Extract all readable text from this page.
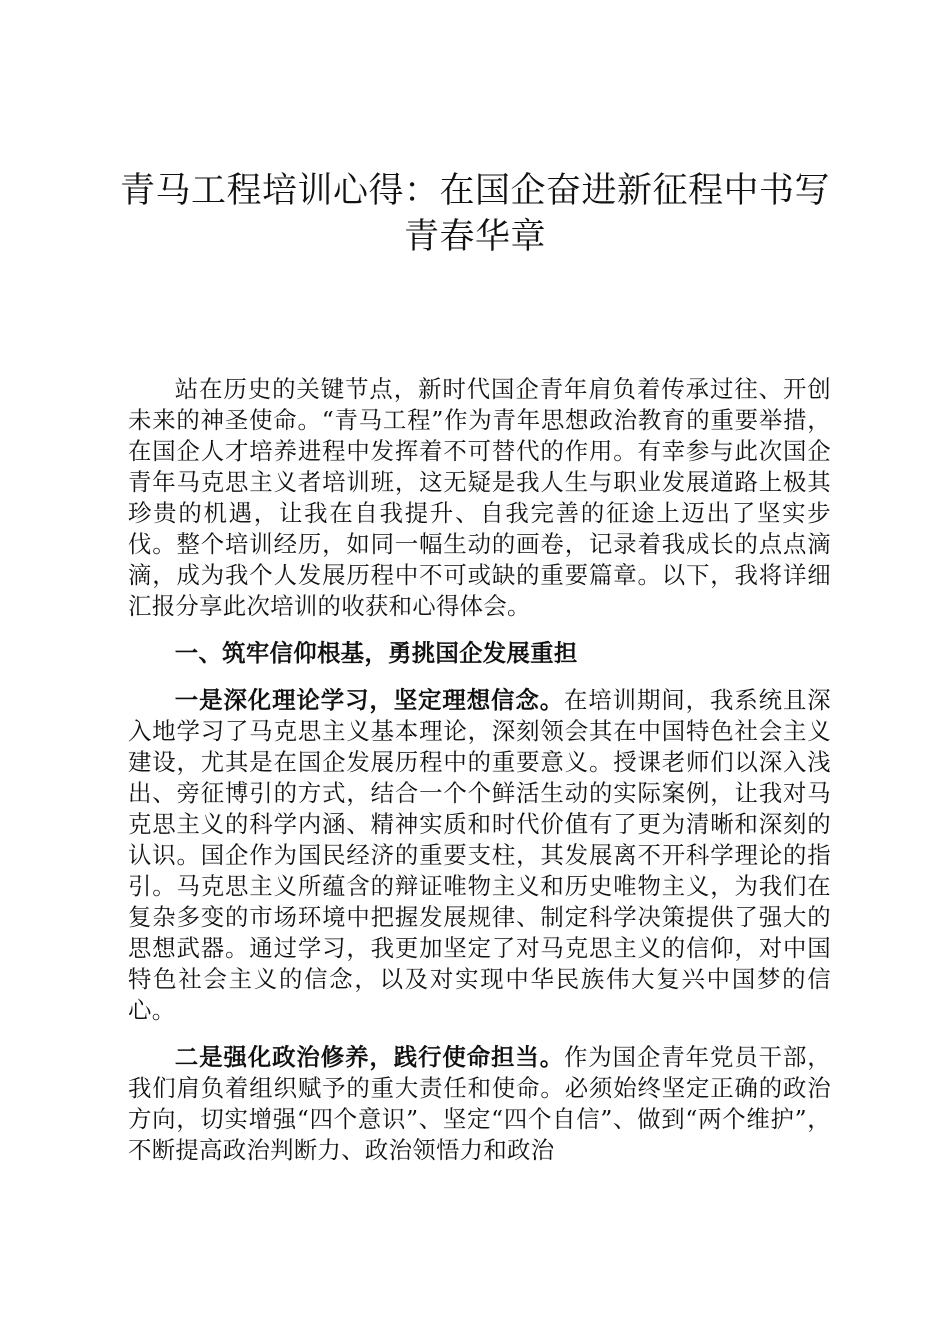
青马工程培训心得：在国企奋进新征程中书写
青春华章

站在历史的关键节点，新时代国企青年肩负着传承过往、开创未来的神圣使命。“青马工程”作为青年思想政治教育的重要举措，在国企人才培养进程中发挥着不可替代的作用。有幸参与此次国企青年马克思主义者培训班，这无疑是我人生与职业发展道路上极其珍贵的机遇，让我在自我提升、自我完善的征途上迈出了坚实步伐。整个培训经历，如同一幅生动的画卷，记录着我成长的点点滴滴，成为我个人发展历程中不可或缺的重要篇章。以下，我将详细汇报分享此次培训的收获和心得体会。

一、筑牢信仰根基，勇挑国企发展重担

一是深化理论学习，坚定理想信念。在培训期间，我系统且深入地学习了马克思主义基本理论，深刻领会其在中国特色社会主义建设，尤其是在国企发展历程中的重要意义。授课老师们以深入浅出、旁征博引的方式，结合一个个鲜活生动的实际案例，让我对马克思主义的科学内涵、精神实质和时代价值有了更为清晰和深刻的认识。国企作为国民经济的重要支柱，其发展离不开科学理论的指引。马克思主义所蕴含的辩证唯物主义和历史唯物主义，为我们在复杂多变的市场环境中把握发展规律、制定科学决策提供了强大的思想武器。通过学习，我更加坚定了对马克思主义的信仰，对中国特色社会主义的信念，以及对实现中华民族伟大复兴中国梦的信心。

二是强化政治修养，践行使命担当。作为国企青年党员干部，我们肩负着组织赋予的重大责任和使命。必须始终坚定正确的政治方向，切实增强“四个意识”、坚定“四个自信”、做到“两个维护”，不断提高政治判断力、政治领悟力和政治
